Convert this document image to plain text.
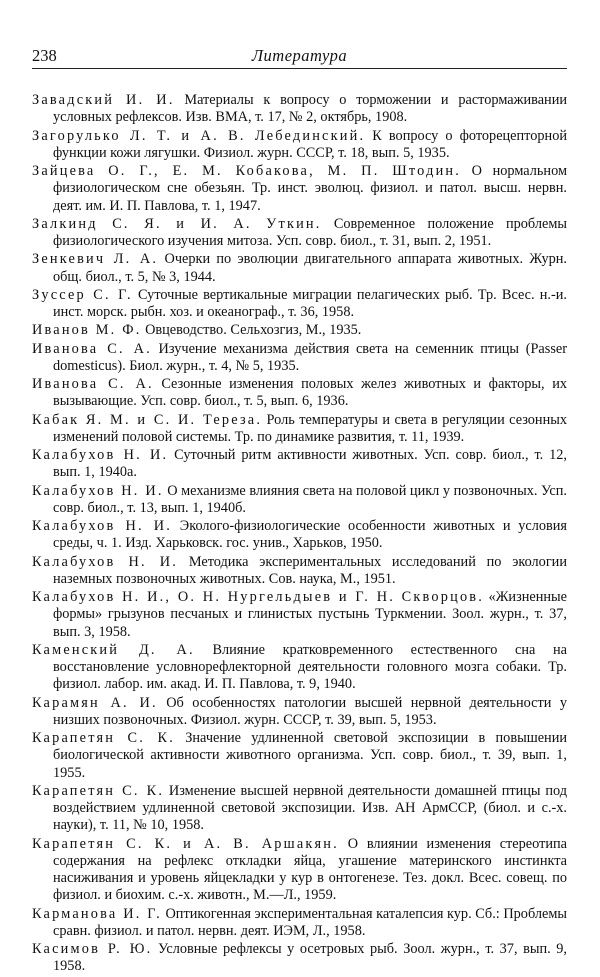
238	Литература

Завадский И. И. Материалы к вопросу о торможении и растормаживании условных рефлексов. Изв. ВМА, т. 17, № 2, октябрь, 1908.

Загорулько Л. Т. и А. В. Лебединский. К вопросу о фоторецепторной функции кожи лягушки. Физиол. журн. СССР, т. 18, вып. 5, 1935.

Зайцева О. Г., Е. М. Кобакова, М. П. Штодин. О нормальном физиологическом сне обезьян. Тр. инст. эволюц. физиол. и патол. высш. нервн. деят. им. И. П. Павлова, т. 1, 1947.

Залкинд С. Я. и И. А. Уткин. Современное положение проблемы физиологического изучения митоза. Усп. совр. биол., т. 31, вып. 2, 1951.

Зенкевич Л. А. Очерки по эволюции двигательного аппарата животных. Журн. общ. биол., т. 5, № 3, 1944.

Зуссер С. Г. Суточные вертикальные миграции пелагических рыб. Тр. Всес. н.-и. инст. морск. рыбн. хоз. и океанограф., т. 36, 1958.

Иванов М. Ф. Овцеводство. Сельхозгиз, М., 1935.

Иванова С. А. Изучение механизма действия света на семенник птицы (Passer domesticus). Биол. журн., т. 4, № 5, 1935.

Иванова С. А. Сезонные изменения половых желез животных и факторы, их вызывающие. Усп. совр. биол., т. 5, вып. 6, 1936.

Кабак Я. М. и С. И. Тереза. Роль температуры и света в регуляции сезонных изменений половой системы. Тр. по динамике развития, т. 11, 1939.

Калабухов Н. И. Суточный ритм активности животных. Усп. совр. биол., т. 12, вып. 1, 1940а.

Калабухов Н. И. О механизме влияния света на половой цикл у позвоночных. Усп. совр. биол., т. 13, вып. 1, 1940б.

Калабухов Н. И. Эколого-физиологические особенности животных и условия среды, ч. 1. Изд. Харьковск. гос. унив., Харьков, 1950.

Калабухов Н. И. Методика экспериментальных исследований по экологии наземных позвоночных животных. Сов. наука, М., 1951.

Калабухов Н. И., О. Н. Нургельдыев и Г. Н. Скворцов. «Жизненные формы» грызунов песчаных и глинистых пустынь Туркмении. Зоол. журн., т. 37, вып. 3, 1958.

Каменский Д. А. Влияние кратковременного естественного сна на восстановление условнорефлекторной деятельности головного мозга собаки. Тр. физиол. лабор. им. акад. И. П. Павлова, т. 9, 1940.

Карамян А. И. Об особенностях патологии высшей нервной деятельности у низших позвоночных. Физиол. журн. СССР, т. 39, вып. 5, 1953.

Карапетян С. К. Значение удлиненной световой экспозиции в повышении биологической активности животного организма. Усп. совр. биол., т. 39, вып. 1, 1955.

Карапетян С. К. Изменение высшей нервной деятельности домашней птицы под воздействием удлиненной световой экспозиции. Изв. АН АрмССР, (биол. и с.-х. науки), т. 11, № 10, 1958.

Карапетян С. К. и А. В. Аршакян. О влиянии изменения стереотипа содержания на рефлекс откладки яйца, угашение материнского инстинкта насиживания и уровень яйцекладки у кур в онтогенезе. Тез. докл. Всес. совещ. по физиол. и биохим. с.-х. животн., М.—Л., 1959.

Карманова И. Г. Оптикогенная экспериментальная каталепсия кур. Сб.: Проблемы сравн. физиол. и патол. нервн. деят. ИЭМ, Л., 1958.

Касимов Р. Ю. Условные рефлексы у осетровых рыб. Зоол. журн., т. 37, вып. 9, 1958.
